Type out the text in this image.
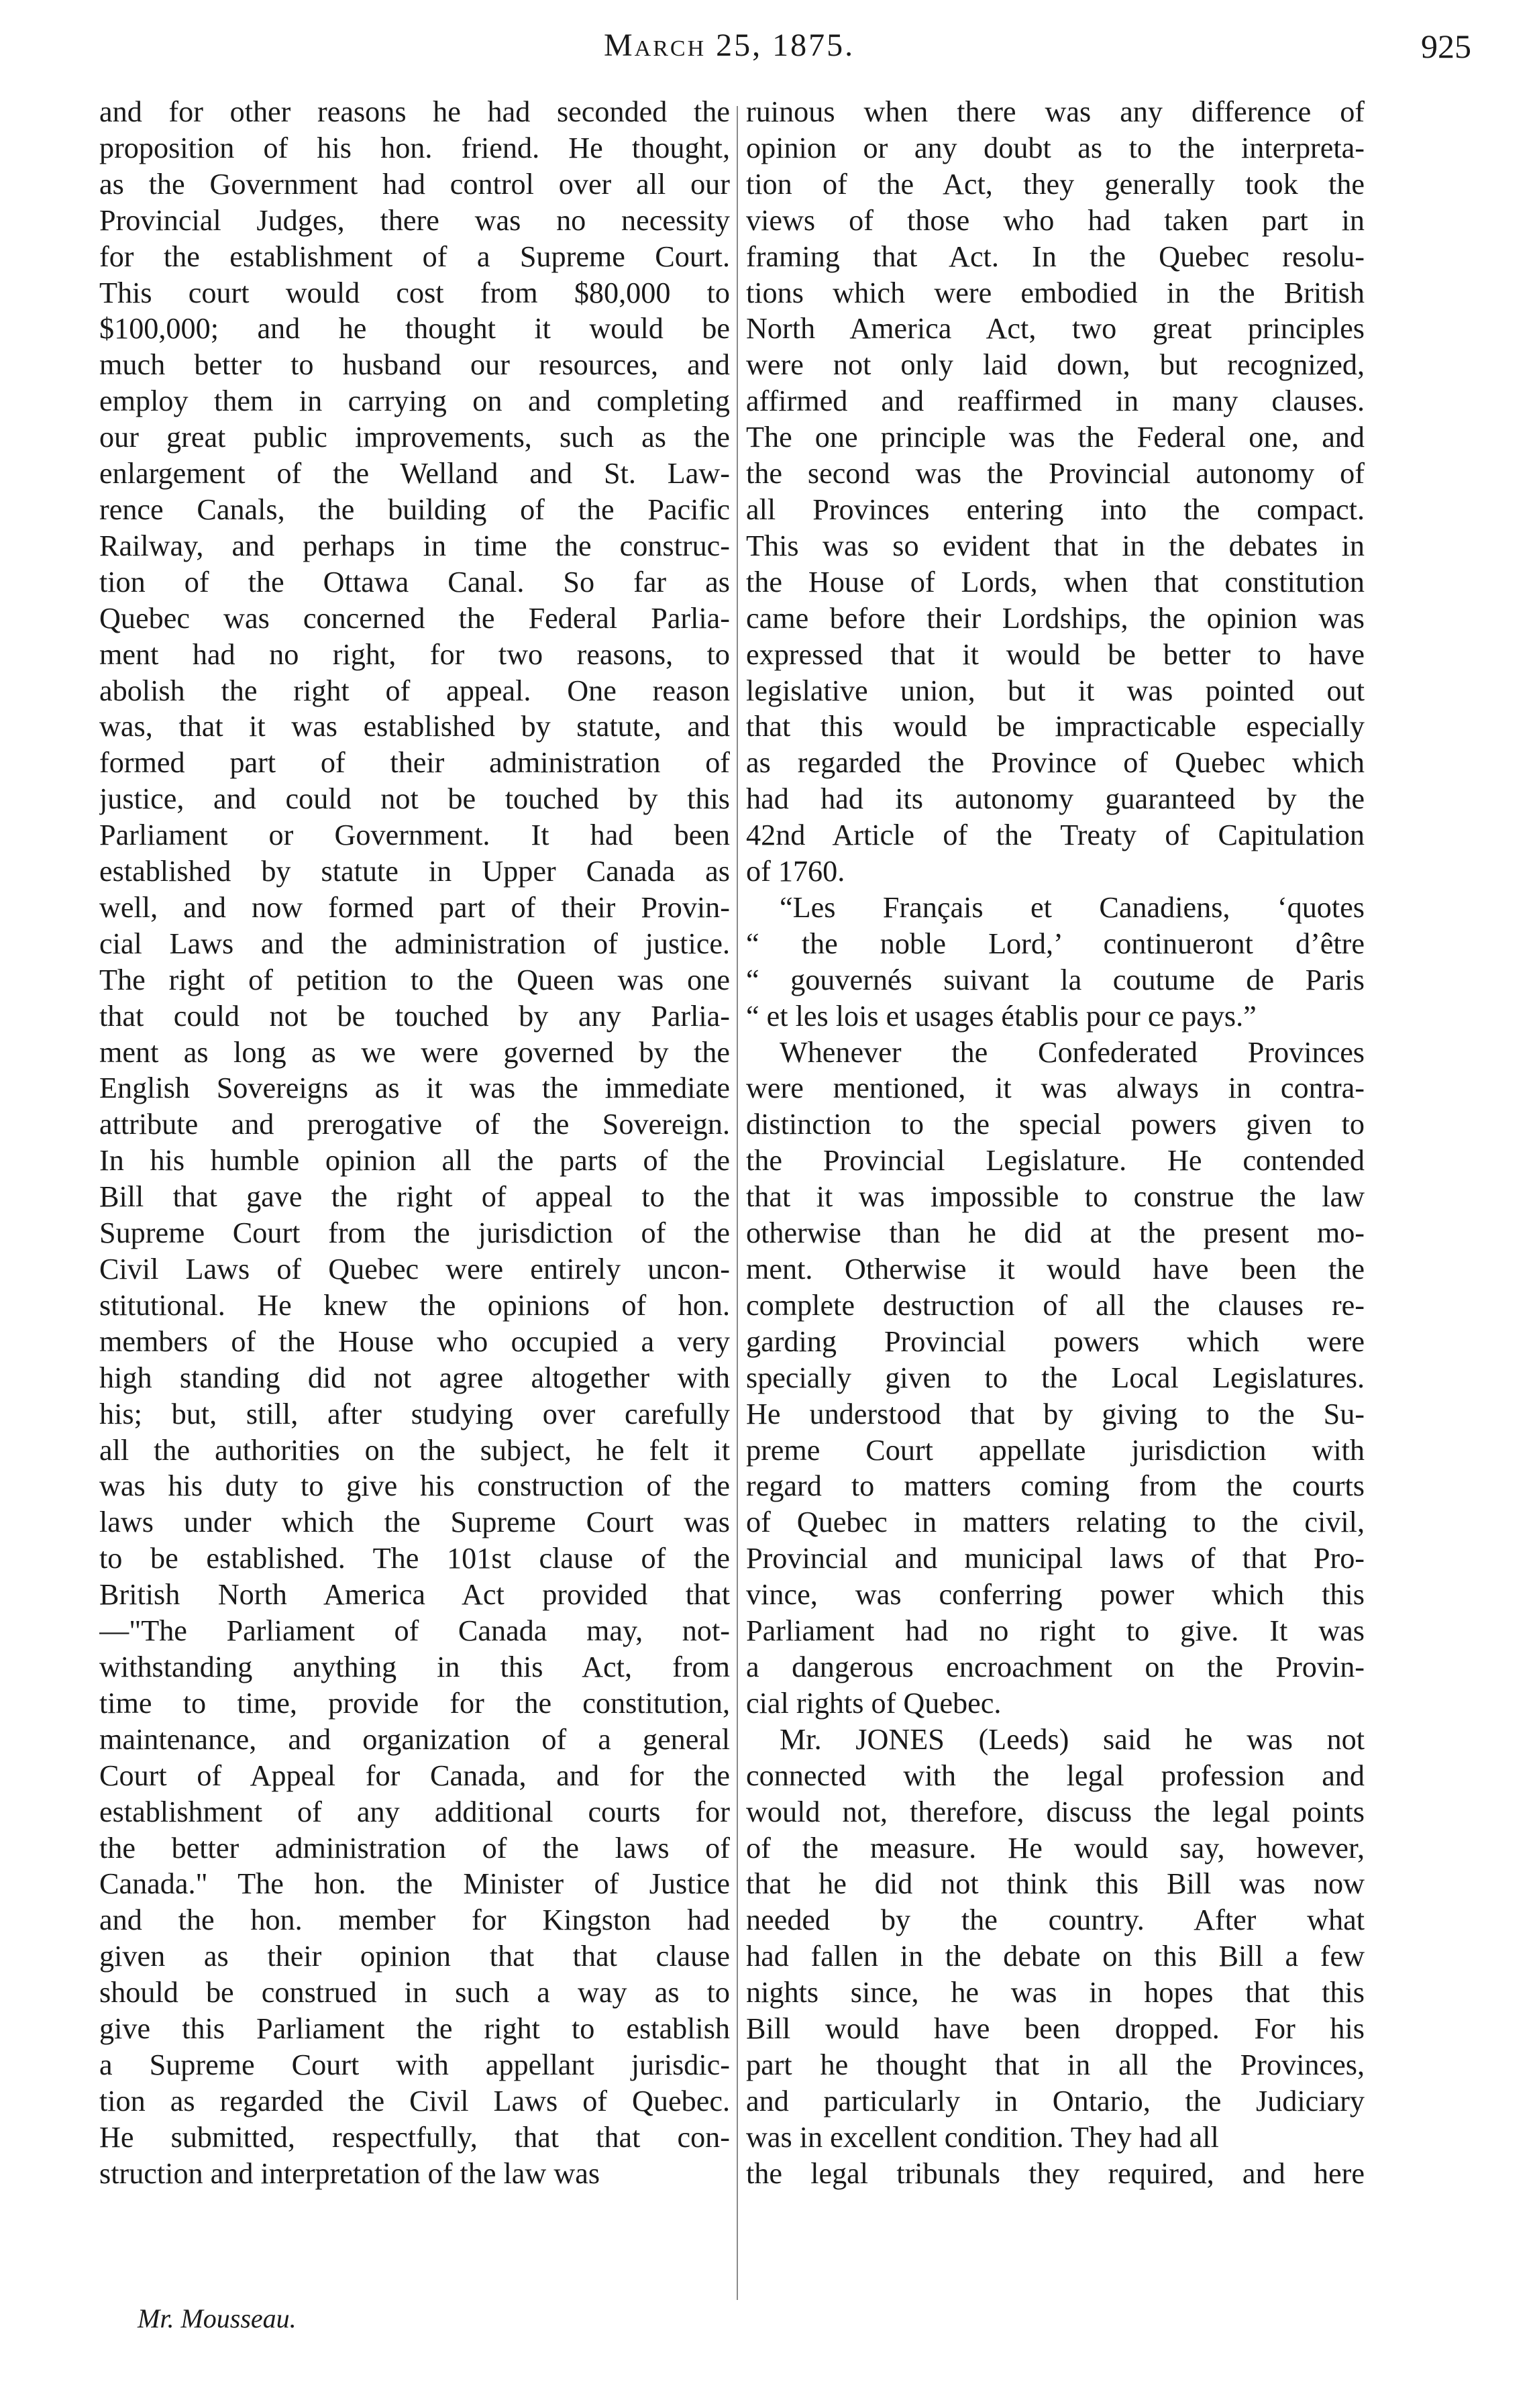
March 25, 1875.	925
and for other reasons he had seconded the
proposition of his hon. friend. He thought,
as the Government had control over all our
Provincial Judges, there was no necessity
for the establishment of a Supreme Court.
This court would cost from $80,000 to
$100,000; and he thought it would be
much better to husband our resources, and
employ them in carrying on and completing
our great public improvements, such as the
enlargement of the Welland and St. Law-
rence Canals, the building of the Pacific
Railway, and perhaps in time the construc-
tion of the Ottawa Canal. So far as
Quebec was concerned the Federal Parlia-
ment had no right, for two reasons, to
abolish the right of appeal. One reason
was, that it was established by statute, and
formed part of their administration of
justice, and could not be touched by this
Parliament or Government. It had been
established by statute in Upper Canada as
well, and now formed part of their Provin-
cial Laws and the administration of justice.
The right of petition to the Queen was one
that could not be touched by any Parlia-
ment as long as we were governed by the
English Sovereigns as it was the immediate
attribute and prerogative of the Sovereign.
In his humble opinion all the parts of the
Bill that gave the right of appeal to the
Supreme Court from the jurisdiction of the
Civil Laws of Quebec were entirely uncon-
stitutional. He knew the opinions of hon.
members of the House who occupied a very
high standing did not agree altogether with
his; but, still, after studying over carefully
all the authorities on the subject, he felt it
was his duty to give his construction of the
laws under which the Supreme Court was
to be established. The 101st clause of the
British North America Act provided that
—"The Parliament of Canada may, not-
withstanding anything in this Act, from
time to time, provide for the constitution,
maintenance, and organization of a general
Court of Appeal for Canada, and for the
establishment of any additional courts for
the better administration of the laws of
Canada." The hon. the Minister of Justice
and the hon. member for Kingston had
given as their opinion that that clause
should be construed in such a way as to
give this Parliament the right to establish
a Supreme Court with appellant jurisdic-
tion as regarded the Civil Laws of Quebec.
He submitted, respectfully, that that con-
struction and interpretation of the law was
ruinous when there was any difference of
opinion or any doubt as to the interpreta-
tion of the Act, they generally took the
views of those who had taken part in
framing that Act. In the Quebec resolu-
tions which were embodied in the British
North America Act, two great principles
were not only laid down, but recognized,
affirmed and reaffirmed in many clauses.
The one principle was the Federal one, and
the second was the Provincial autonomy of
all Provinces entering into the compact.
This was so evident that in the debates in
the House of Lords, when that constitution
came before their Lordships, the opinion was
expressed that it would be better to have
legislative union, but it was pointed out
that this would be impracticable especially
as regarded the Province of Quebec which
had had its autonomy guaranteed by the
42nd Article of the Treaty of Capitulation
of 1760.
“Les Français et Canadiens, ‘quotes
“ the noble Lord,’ continueront d’être
“ gouvernés suivant la coutume de Paris
“ et les lois et usages établis pour ce pays.”
Whenever the Confederated Provinces
were mentioned, it was always in contra-
distinction to the special powers given to
the Provincial Legislature. He contended
that it was impossible to construe the law
otherwise than he did at the present mo-
ment. Otherwise it would have been the
complete destruction of all the clauses re-
garding Provincial powers which were
specially given to the Local Legislatures.
He understood that by giving to the Su-
preme Court appellate jurisdiction with
regard to matters coming from the courts
of Quebec in matters relating to the civil,
Provincial and municipal laws of that Pro-
vince, was conferring power which this
Parliament had no right to give. It was
a dangerous encroachment on the Provin-
cial rights of Quebec.
Mr. JONES (Leeds) said he was not
connected with the legal profession and
would not, therefore, discuss the legal points
of the measure. He would say, however,
that he did not think this Bill was now
needed by the country. After what
had fallen in the debate on this Bill a few
nights since, he was in hopes that this
Bill would have been dropped. For his
part he thought that in all the Provinces,
and particularly in Ontario, the Judiciary
was in excellent condition. They had all
the legal tribunals they required, and here
Mr. Mousseau.
